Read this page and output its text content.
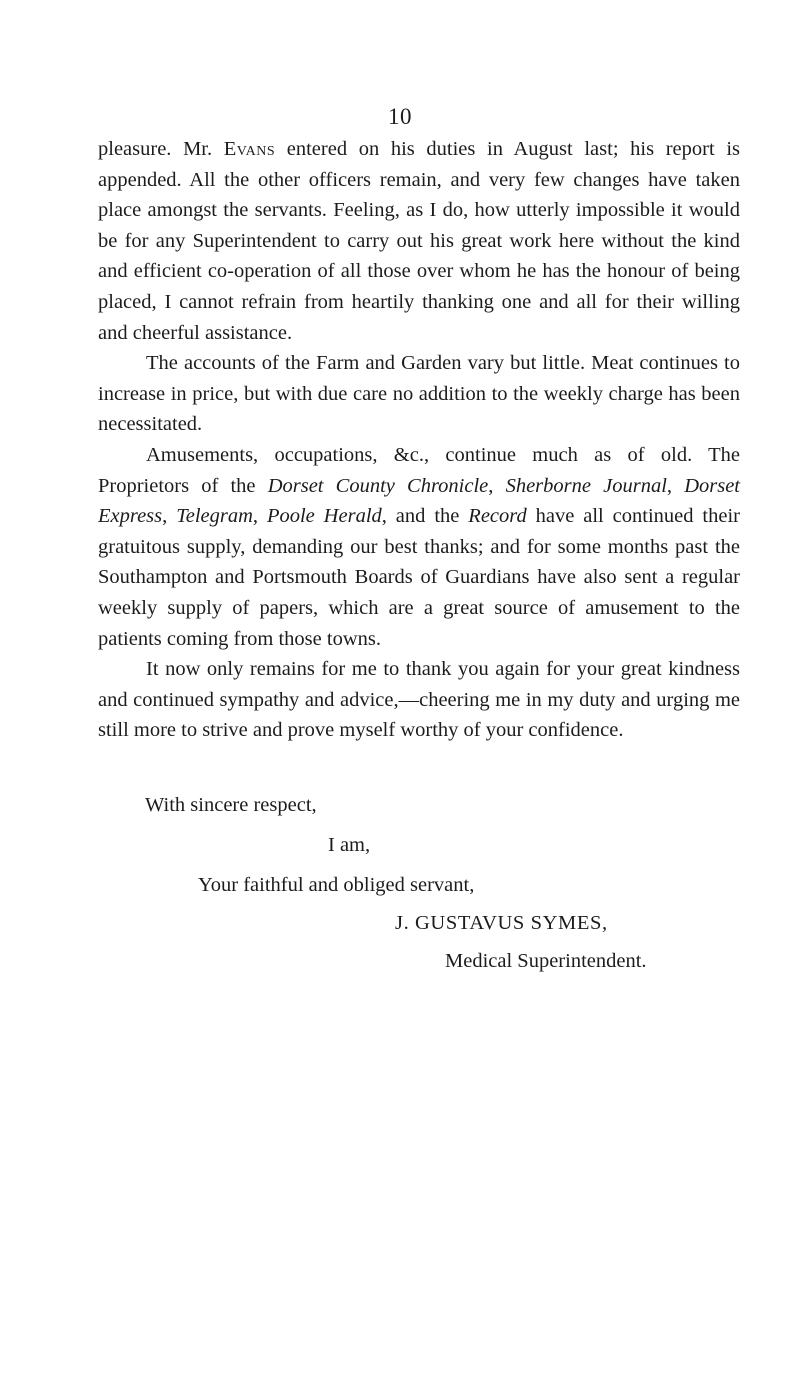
10

pleasure. Mr. Evans entered on his duties in August last; his report is appended. All the other officers remain, and very few changes have taken place amongst the servants. Feeling, as I do, how utterly impossible it would be for any Superintendent to carry out his great work here without the kind and efficient co-operation of all those over whom he has the honour of being placed, I cannot refrain from heartily thanking one and all for their willing and cheerful assistance.

The accounts of the Farm and Garden vary but little. Meat continues to increase in price, but with due care no addition to the weekly charge has been necessitated.

Amusements, occupations, &c., continue much as of old. The Proprietors of the Dorset County Chronicle, Sherborne Journal, Dorset Express, Telegram, Poole Herald, and the Record have all continued their gratuitous supply, demanding our best thanks; and for some months past the Southampton and Portsmouth Boards of Guardians have also sent a regular weekly supply of papers, which are a great source of amusement to the patients coming from those towns.

It now only remains for me to thank you again for your great kindness and continued sympathy and advice,—cheering me in my duty and urging me still more to strive and prove myself worthy of your confidence.

With sincere respect,
I am,
Your faithful and obliged servant,
J. GUSTAVUS SYMES,
Medical Superintendent.
